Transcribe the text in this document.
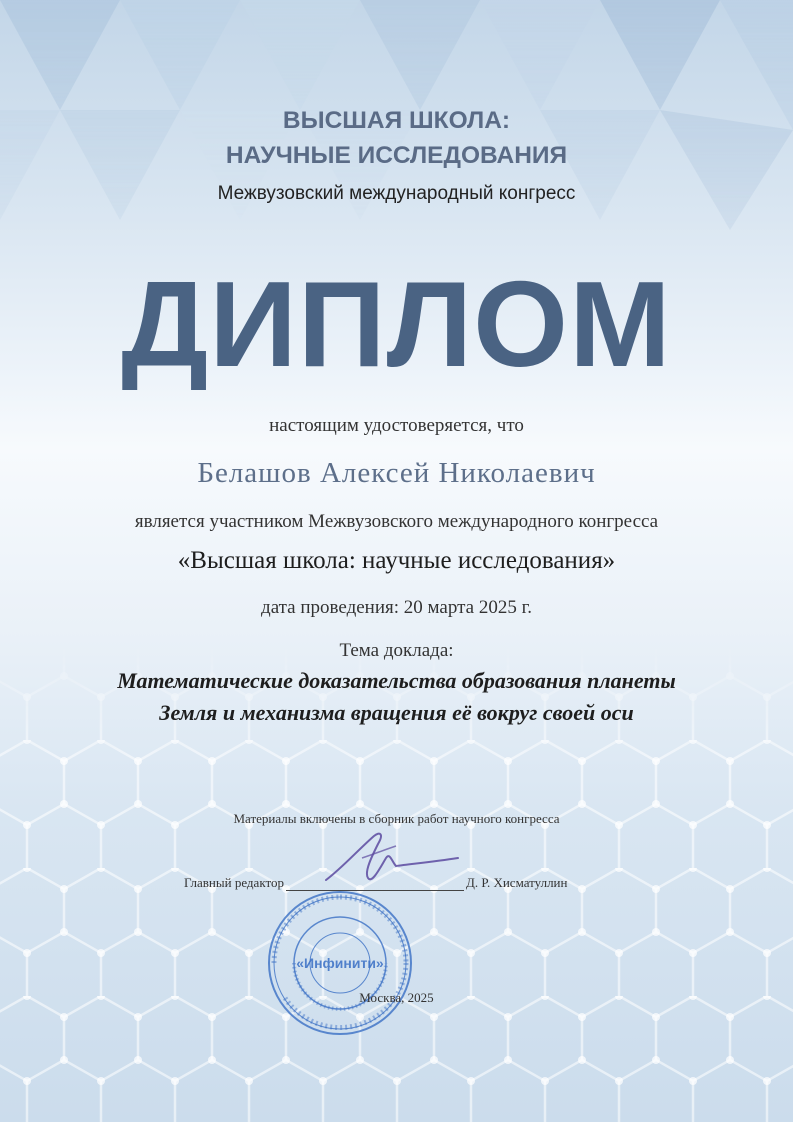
ВЫСШАЯ ШКОЛА:
НАУЧНЫЕ ИССЛЕДОВАНИЯ
Межвузовский международный конгресс
ДИПЛОМ
настоящим удостоверяется, что
Белашов Алексей Николаевич
является участником Межвузовского международного конгресса
«Высшая школа: научные исследования»
дата проведения: 20 марта 2025 г.
Тема доклада:
Математические доказательства образования планеты
Земля и механизма вращения её вокруг своей оси
Материалы включены в сборник работ научного конгресса
Главный редактор	Д. Р. Хисматуллин
«Инфинити»
Москва, 2025
